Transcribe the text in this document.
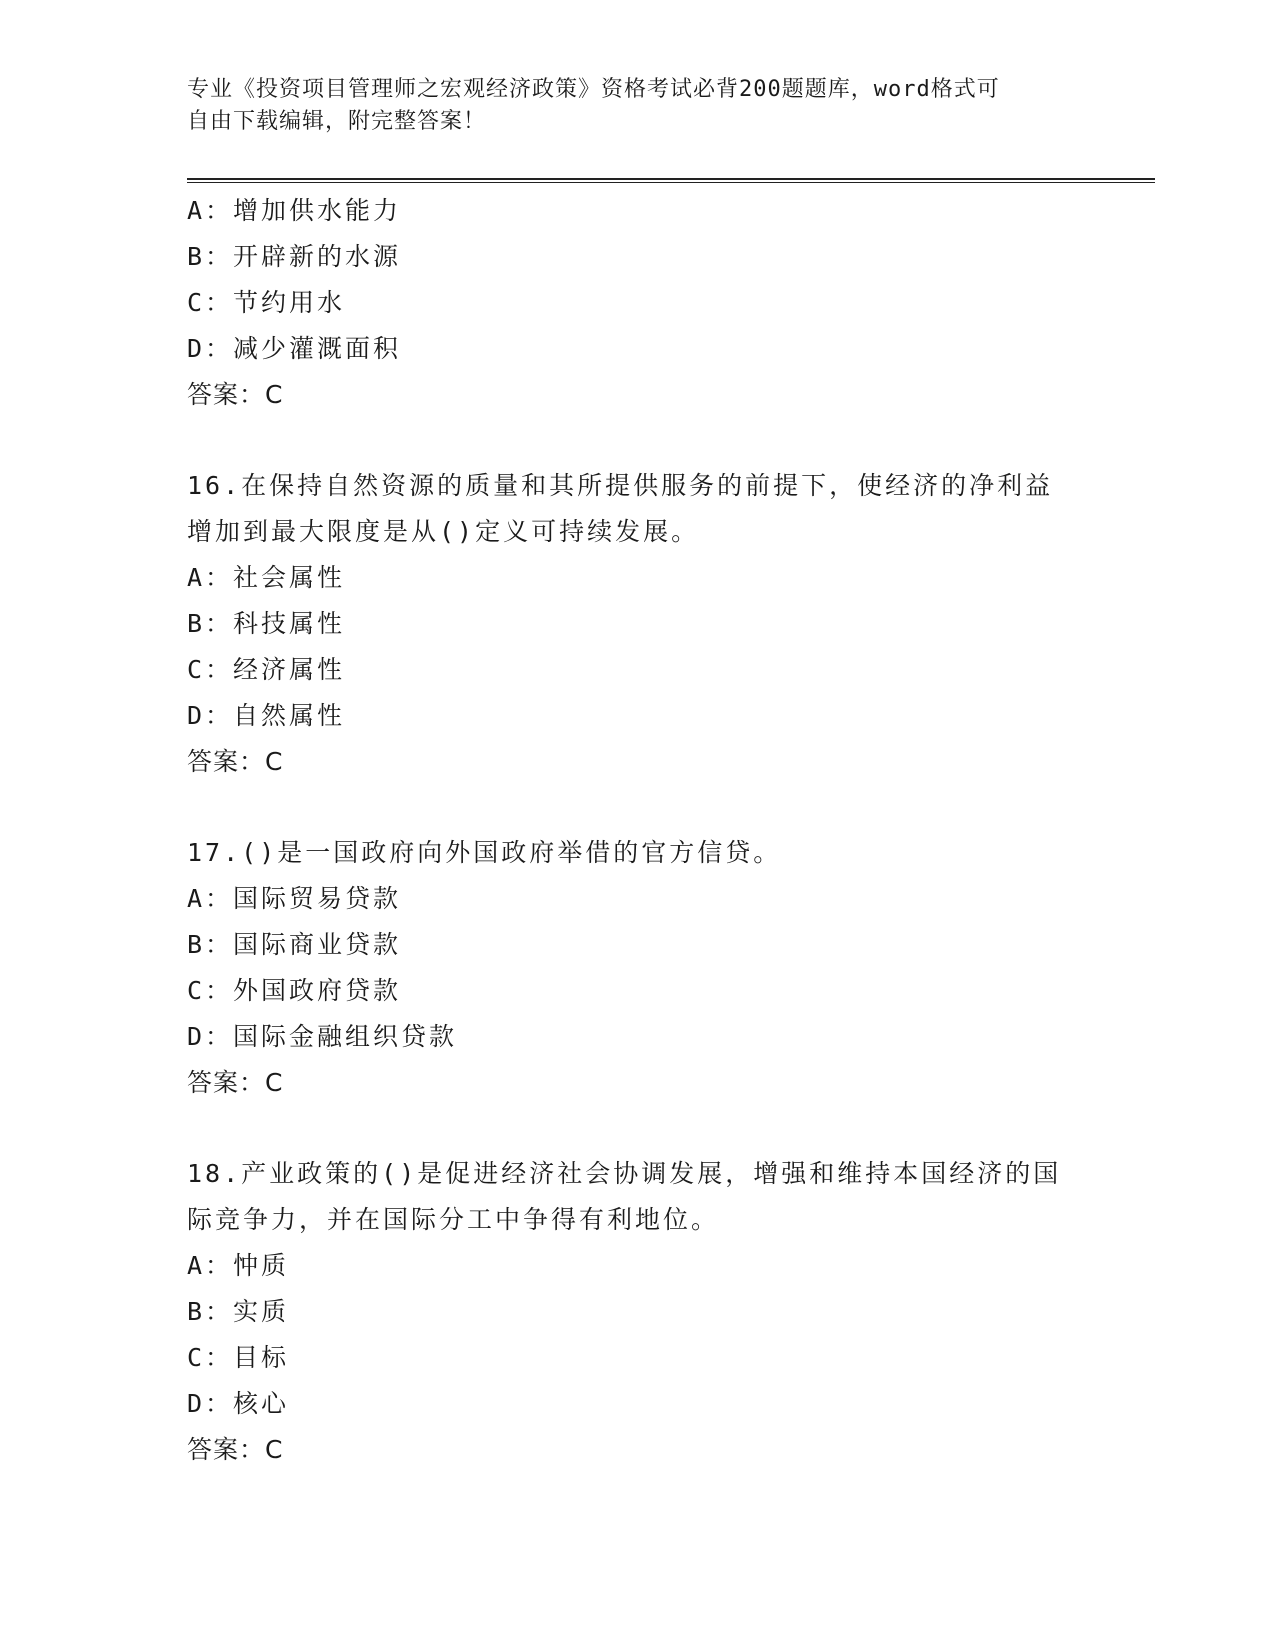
专业《投资项目管理师之宏观经济政策》资格考试必背200题题库，word格式可
自由下载编辑，附完整答案！
A：增加供水能力
B：开辟新的水源
C：节约用水
D：减少灌溉面积
答案：C
16.在保持自然资源的质量和其所提供服务的前提下，使经济的净利益
增加到最大限度是从()定义可持续发展。
A：社会属性
B：科技属性
C：经济属性
D：自然属性
答案：C
17.()是一国政府向外国政府举借的官方信贷。
A：国际贸易贷款
B：国际商业贷款
C：外国政府贷款
D：国际金融组织贷款
答案：C
18.产业政策的()是促进经济社会协调发展，增强和维持本国经济的国
际竞争力，并在国际分工中争得有利地位。
A：忡质
B：实质
C：目标
D：核心
答案：C
